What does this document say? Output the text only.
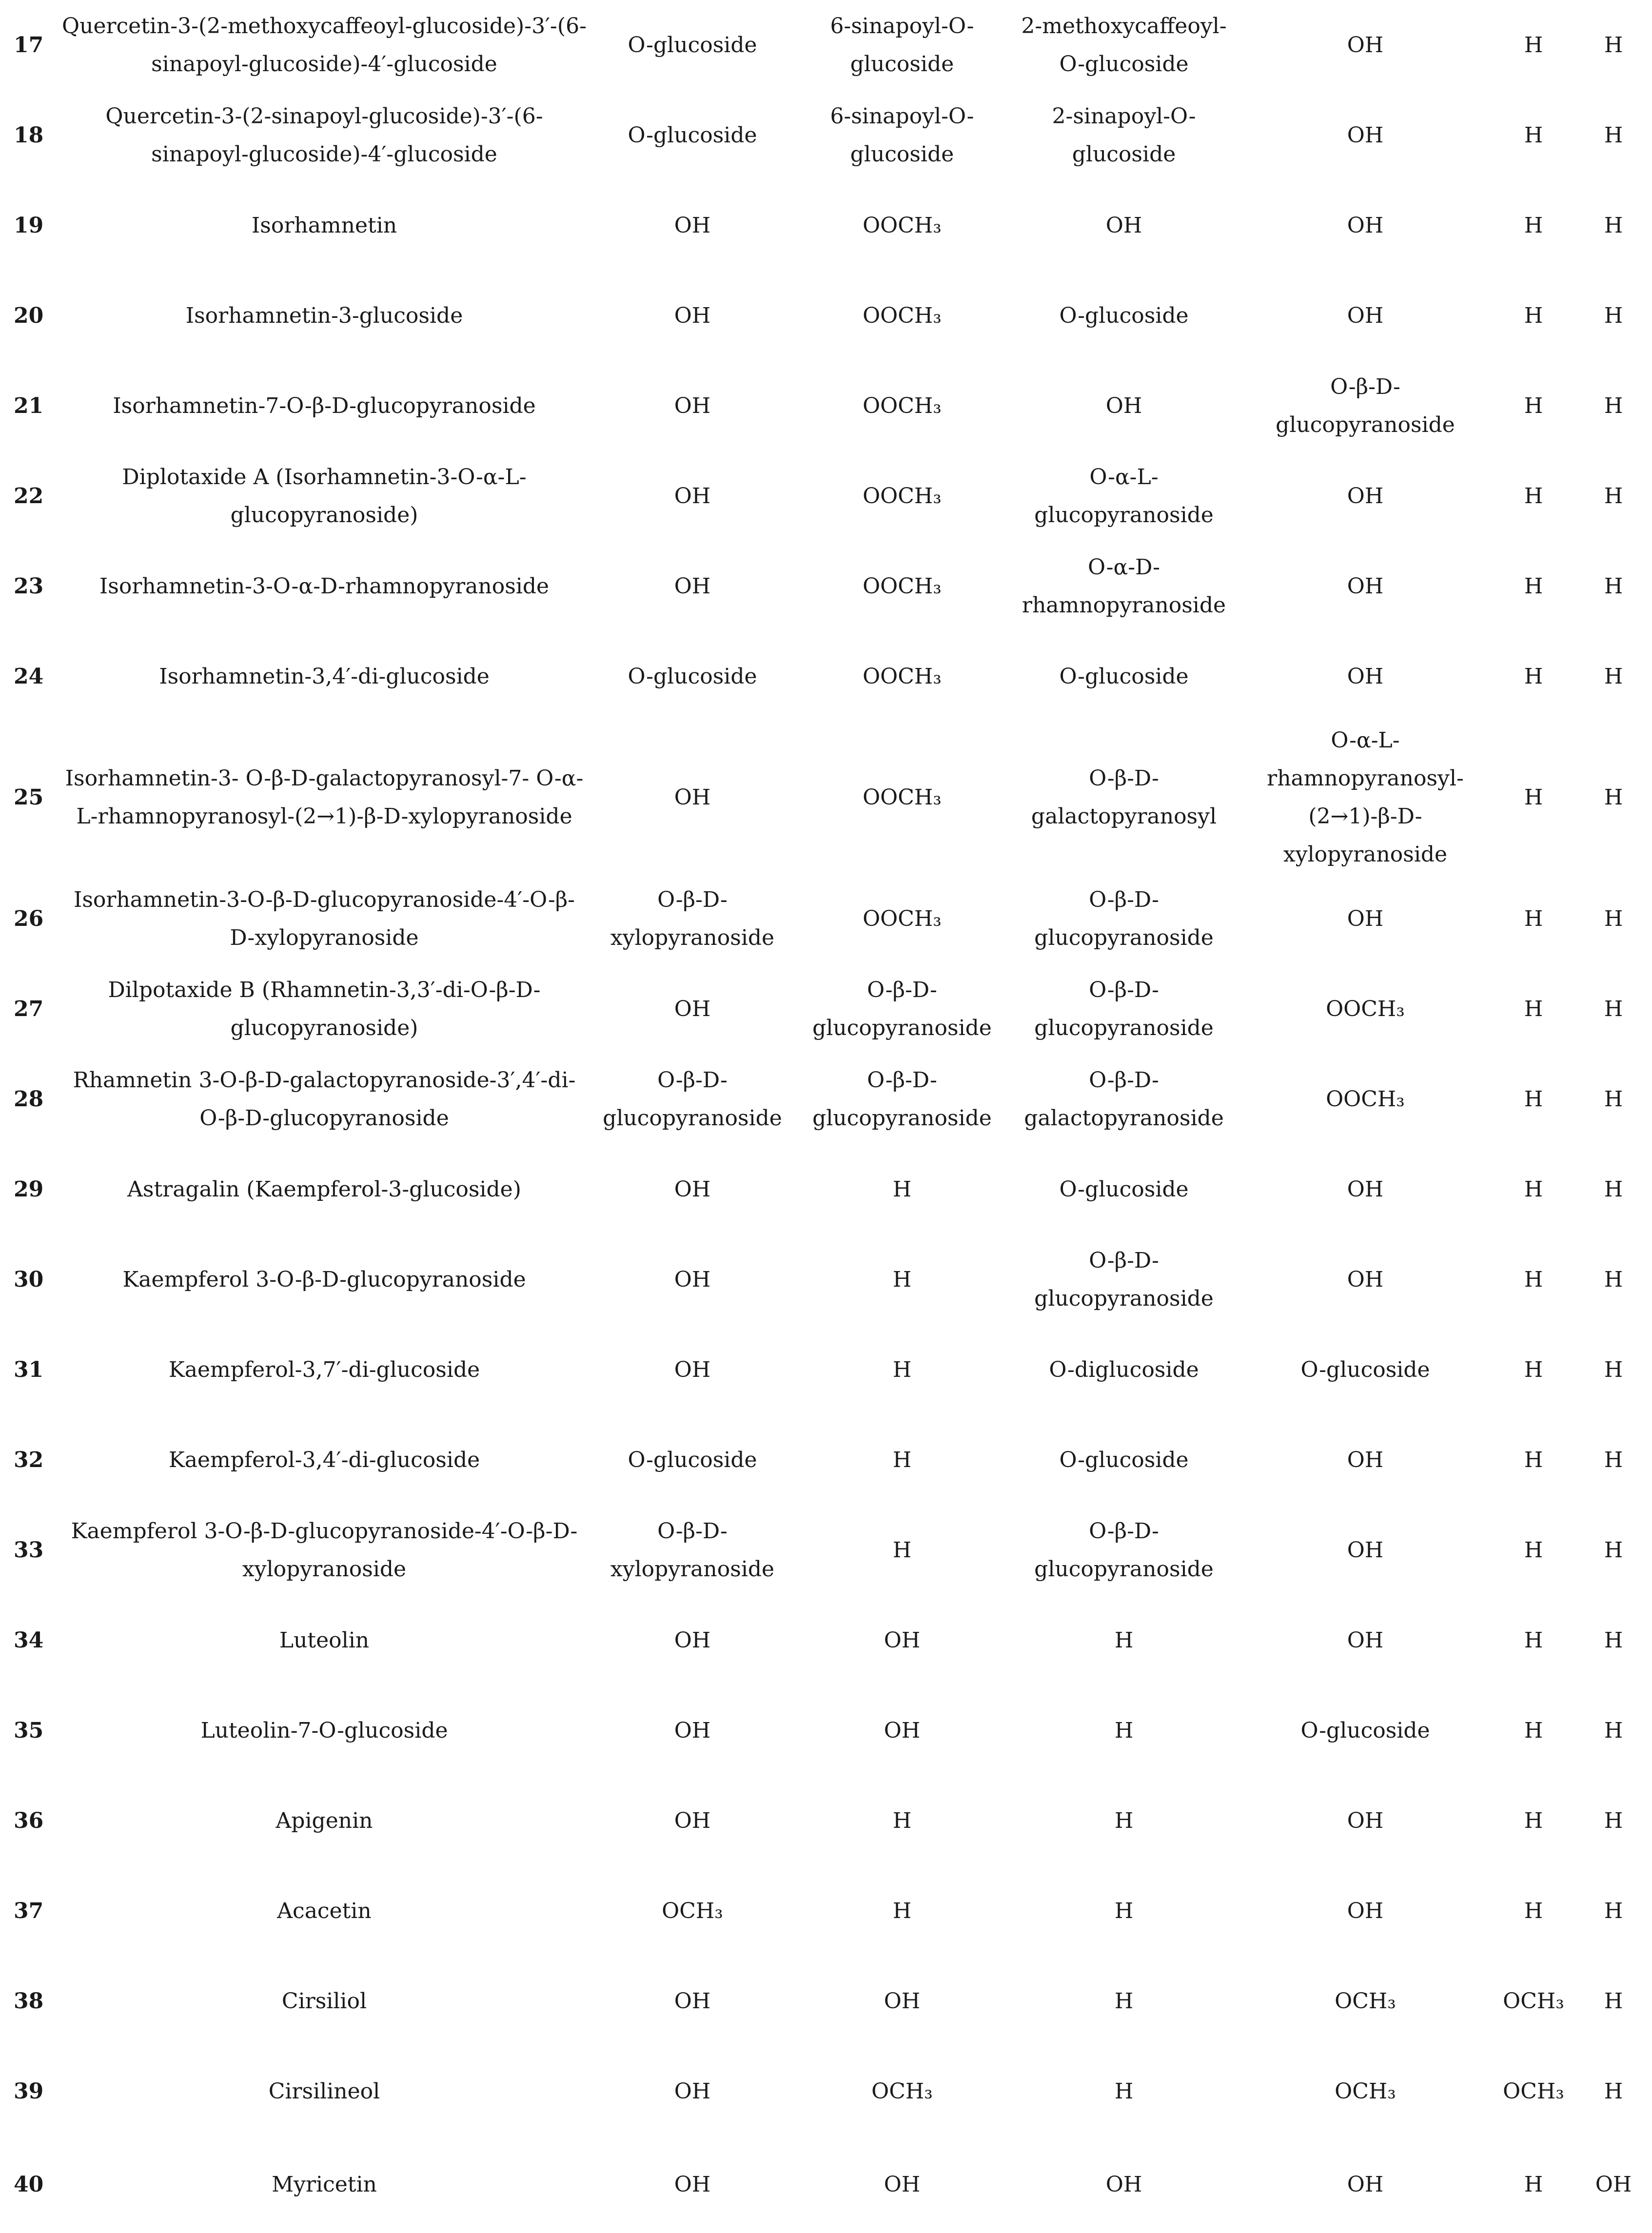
17	Quercetin-3-(2-methoxycaffeoyl-glucoside)-3′-(6-sinapoyl-glucoside)-4′-glucoside	O-glucoside	6-sinapoyl-O-glucoside	2-methoxycaffeoyl-O-glucoside	OH	H	H
18	Quercetin-3-(2-sinapoyl-glucoside)-3′-(6-sinapoyl-glucoside)-4′-glucoside	O-glucoside	6-sinapoyl-O-glucoside	2-sinapoyl-O-glucoside	OH	H	H
19	Isorhamnetin	OH	OOCH₃	OH	OH	H	H
20	Isorhamnetin-3-glucoside	OH	OOCH₃	O-glucoside	OH	H	H
21	Isorhamnetin-7-O-β-D-glucopyranoside	OH	OOCH₃	OH	O-β-D-glucopyranoside	H	H
22	Diplotaxide A (Isorhamnetin-3-O-α-L-glucopyranoside)	OH	OOCH₃	O-α-L-glucopyranoside	OH	H	H
23	Isorhamnetin-3-O-α-D-rhamnopyranoside	OH	OOCH₃	O-α-D-rhamnopyranoside	OH	H	H
24	Isorhamnetin-3,4′-di-glucoside	O-glucoside	OOCH₃	O-glucoside	OH	H	H
25	Isorhamnetin-3- O-β-D-galactopyranosyl-7- O-α-L-rhamnopyranosyl-(2→1)-β-D-xylopyranoside	OH	OOCH₃	O-β-D-galactopyranosyl	O-α-L-rhamnopyranosyl-(2→1)-β-D-xylopyranoside	H	H
26	Isorhamnetin-3-O-β-D-glucopyranoside-4′-O-β-D-xylopyranoside	O-β-D-xylopyranoside	OOCH₃	O-β-D-glucopyranoside	OH	H	H
27	Dilpotaxide B (Rhamnetin-3,3′-di-O-β-D-glucopyranoside)	OH	O-β-D-glucopyranoside	O-β-D-glucopyranoside	OOCH₃	H	H
28	Rhamnetin 3-O-β-D-galactopyranoside-3′,4′-di-O-β-D-glucopyranoside	O-β-D-glucopyranoside	O-β-D-glucopyranoside	O-β-D-galactopyranoside	OOCH₃	H	H
29	Astragalin (Kaempferol-3-glucoside)	OH	H	O-glucoside	OH	H	H
30	Kaempferol 3-O-β-D-glucopyranoside	OH	H	O-β-D-glucopyranoside	OH	H	H
31	Kaempferol-3,7′-di-glucoside	OH	H	O-diglucoside	O-glucoside	H	H
32	Kaempferol-3,4′-di-glucoside	O-glucoside	H	O-glucoside	OH	H	H
33	Kaempferol 3-O-β-D-glucopyranoside-4′-O-β-D-xylopyranoside	O-β-D-xylopyranoside	H	O-β-D-glucopyranoside	OH	H	H
34	Luteolin	OH	OH	H	OH	H	H
35	Luteolin-7-O-glucoside	OH	OH	H	O-glucoside	H	H
36	Apigenin	OH	H	H	OH	H	H
37	Acacetin	OCH₃	H	H	OH	H	H
38	Cirsiliol	OH	OH	H	OCH₃	OCH₃	H
39	Cirsilineol	OH	OCH₃	H	OCH₃	OCH₃	H
40	Myricetin	OH	OH	OH	OH	H	OH
